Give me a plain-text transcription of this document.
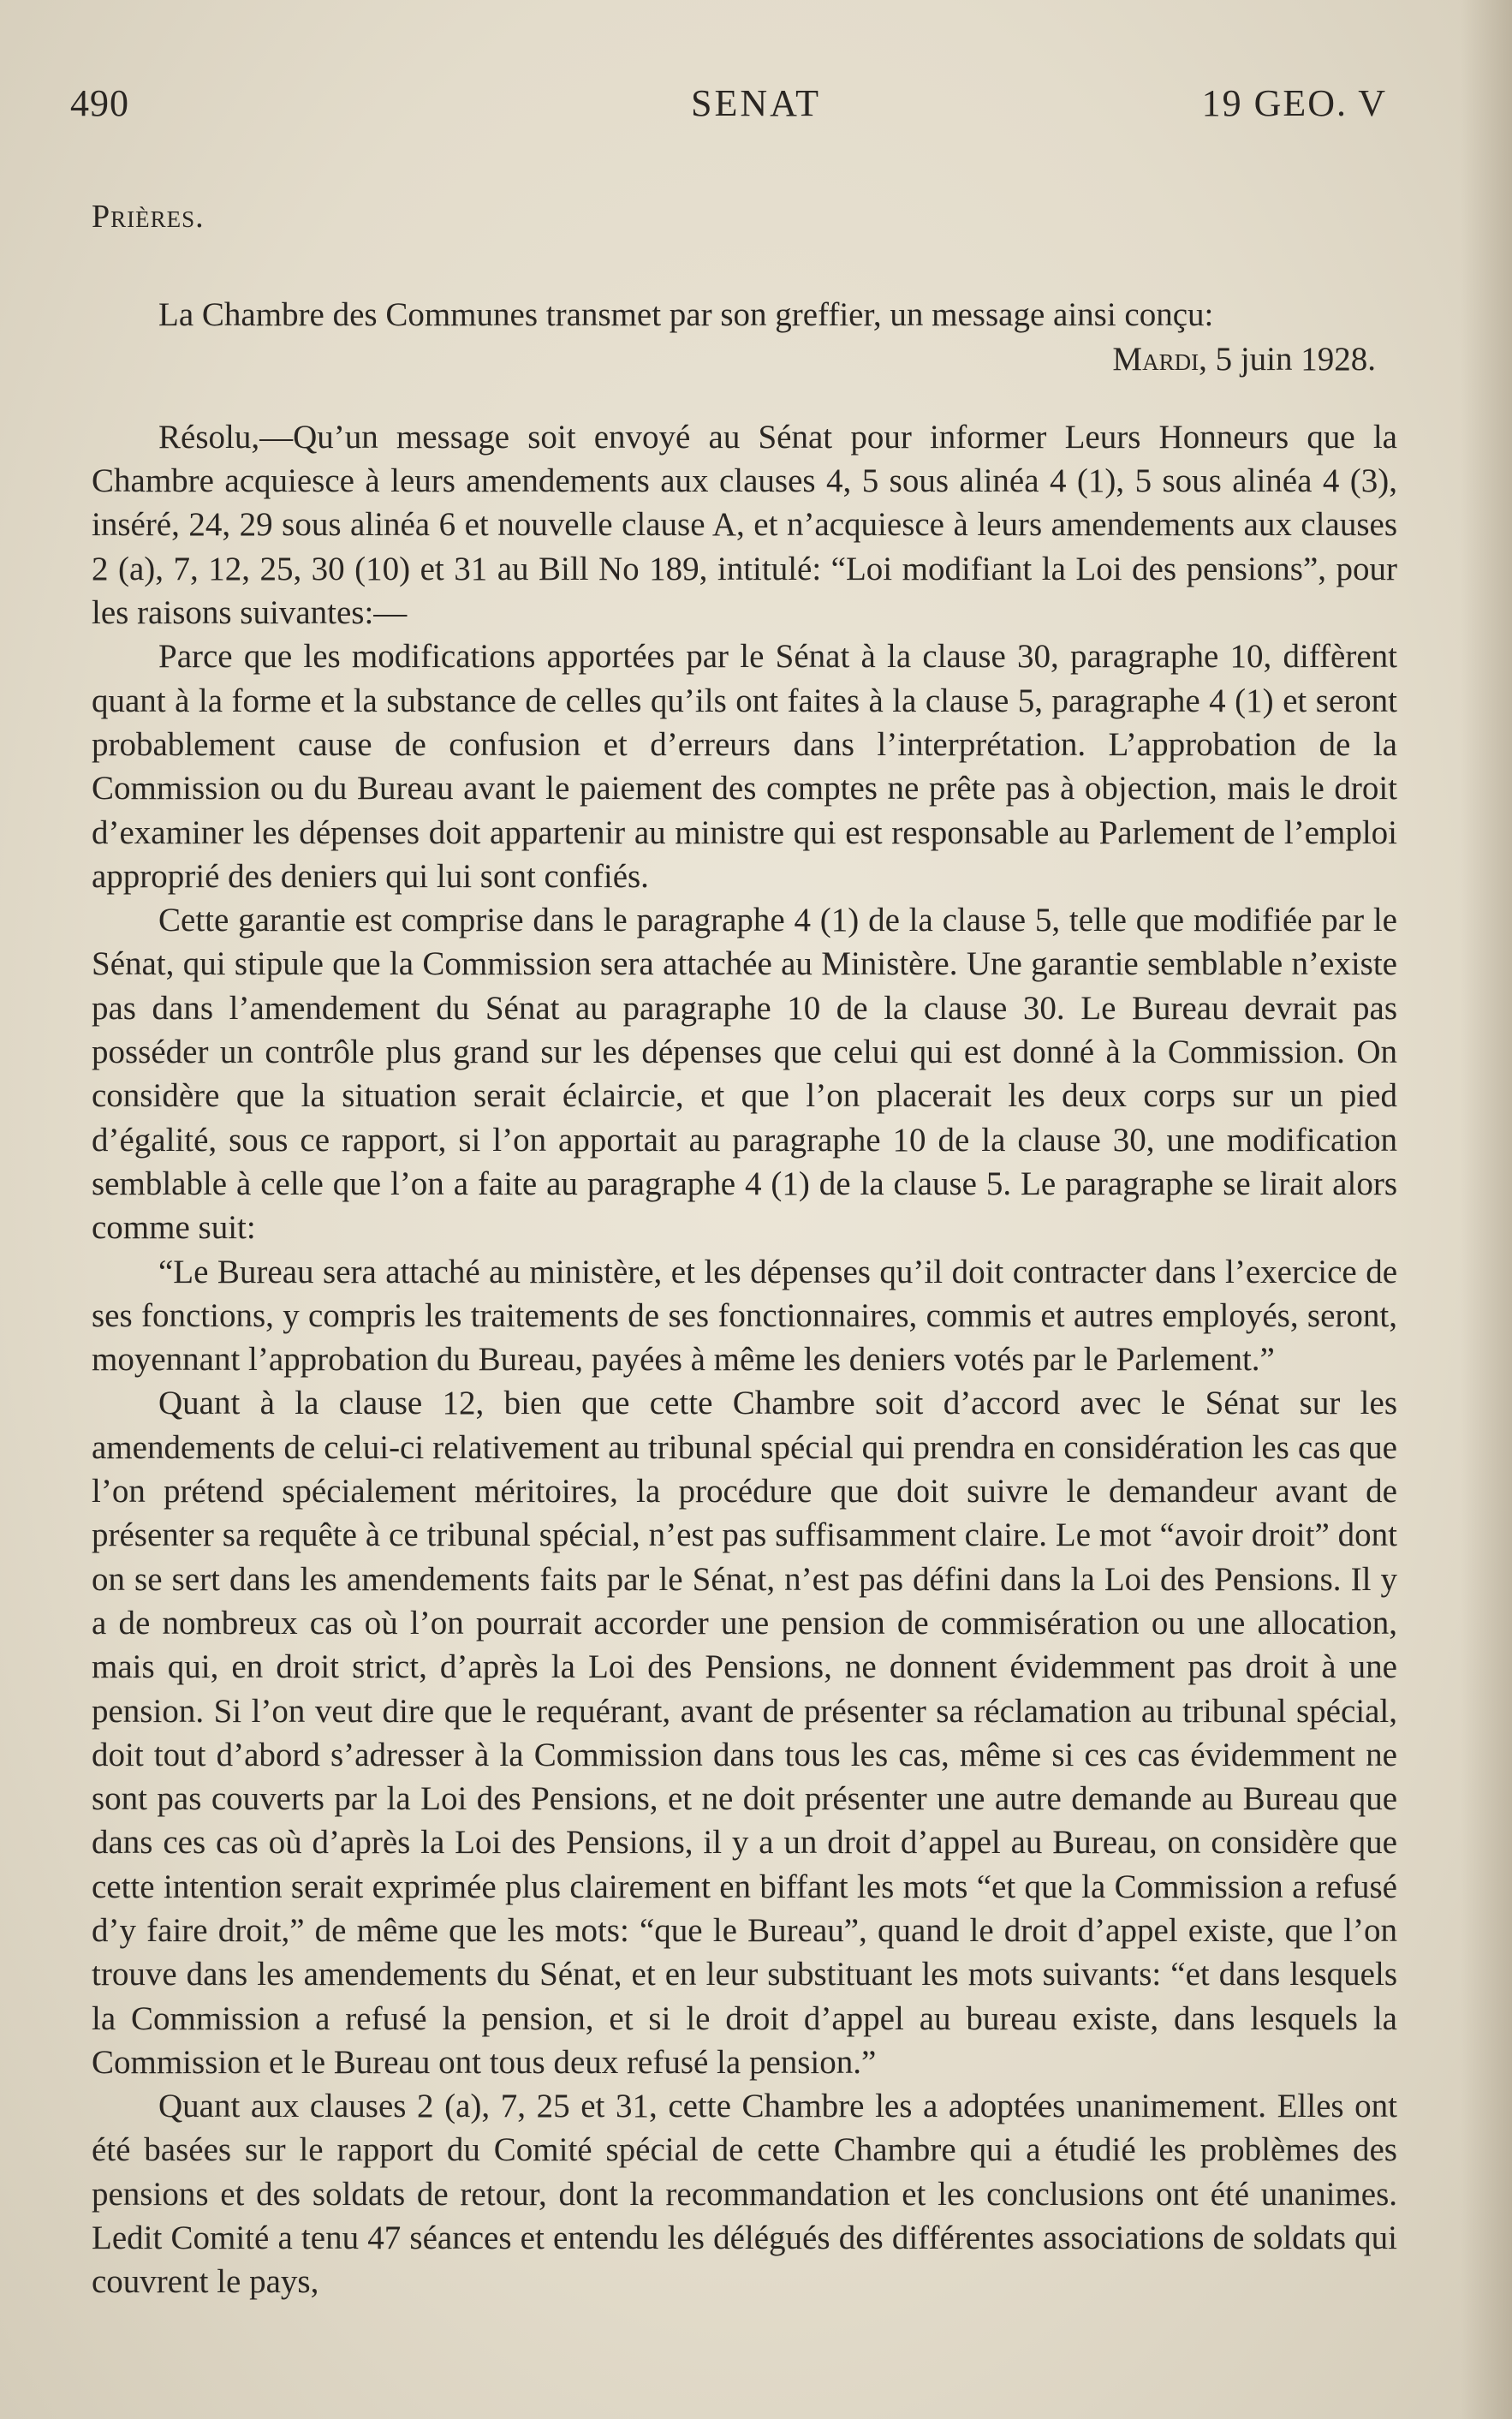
490	SENAT	19 GEO. V

Prières.

La Chambre des Communes transmet par son greffier, un message ainsi conçu:

Mardi, 5 juin 1928.

Résolu,—Qu’un message soit envoyé au Sénat pour informer Leurs Honneurs que la Chambre acquiesce à leurs amendements aux clauses 4, 5 sous alinéa 4 (1), 5 sous alinéa 4 (3), inséré, 24, 29 sous alinéa 6 et nouvelle clause A, et n’acquiesce à leurs amendements aux clauses 2 (a), 7, 12, 25, 30 (10) et 31 au Bill No 189, intitulé: “Loi modifiant la Loi des pensions”, pour les raisons suivantes:—

Parce que les modifications apportées par le Sénat à la clause 30, paragraphe 10, diffèrent quant à la forme et la substance de celles qu’ils ont faites à la clause 5, paragraphe 4 (1) et seront probablement cause de confusion et d’erreurs dans l’interprétation. L’approbation de la Commission ou du Bureau avant le paiement des comptes ne prête pas à objection, mais le droit d’examiner les dépenses doit appartenir au ministre qui est responsable au Parlement de l’emploi approprié des deniers qui lui sont confiés.

Cette garantie est comprise dans le paragraphe 4 (1) de la clause 5, telle que modifiée par le Sénat, qui stipule que la Commission sera attachée au Ministère. Une garantie semblable n’existe pas dans l’amendement du Sénat au paragraphe 10 de la clause 30. Le Bureau devrait pas posséder un contrôle plus grand sur les dépenses que celui qui est donné à la Commission. On considère que la situation serait éclaircie, et que l’on placerait les deux corps sur un pied d’égalité, sous ce rapport, si l’on apportait au paragraphe 10 de la clause 30, une modification semblable à celle que l’on a faite au paragraphe 4 (1) de la clause 5. Le paragraphe se lirait alors comme suit:

“Le Bureau sera attaché au ministère, et les dépenses qu’il doit contracter dans l’exercice de ses fonctions, y compris les traitements de ses fonctionnaires, commis et autres employés, seront, moyennant l’approbation du Bureau, payées à même les deniers votés par le Parlement.”

Quant à la clause 12, bien que cette Chambre soit d’accord avec le Sénat sur les amendements de celui-ci relativement au tribunal spécial qui prendra en considération les cas que l’on prétend spécialement méritoires, la procédure que doit suivre le demandeur avant de présenter sa requête à ce tribunal spécial, n’est pas suffisamment claire. Le mot “avoir droit” dont on se sert dans les amendements faits par le Sénat, n’est pas défini dans la Loi des Pensions. Il y a de nombreux cas où l’on pourrait accorder une pension de commisération ou une allocation, mais qui, en droit strict, d’après la Loi des Pensions, ne donnent évidemment pas droit à une pension. Si l’on veut dire que le requérant, avant de présenter sa réclamation au tribunal spécial, doit tout d’abord s’adresser à la Commission dans tous les cas, même si ces cas évidemment ne sont pas couverts par la Loi des Pensions, et ne doit présenter une autre demande au Bureau que dans ces cas où d’après la Loi des Pensions, il y a un droit d’appel au Bureau, on considère que cette intention serait exprimée plus clairement en biffant les mots “et que la Commission a refusé d’y faire droit,” de même que les mots: “que le Bureau”, quand le droit d’appel existe, que l’on trouve dans les amendements du Sénat, et en leur substituant les mots suivants: “et dans lesquels la Commission a refusé la pension, et si le droit d’appel au bureau existe, dans lesquels la Commission et le Bureau ont tous deux refusé la pension.”

Quant aux clauses 2 (a), 7, 25 et 31, cette Chambre les a adoptées unanimement. Elles ont été basées sur le rapport du Comité spécial de cette Chambre qui a étudié les problèmes des pensions et des soldats de retour, dont la recommandation et les conclusions ont été unanimes. Ledit Comité a tenu 47 séances et entendu les délégués des différentes associations de soldats qui couvrent le pays,
